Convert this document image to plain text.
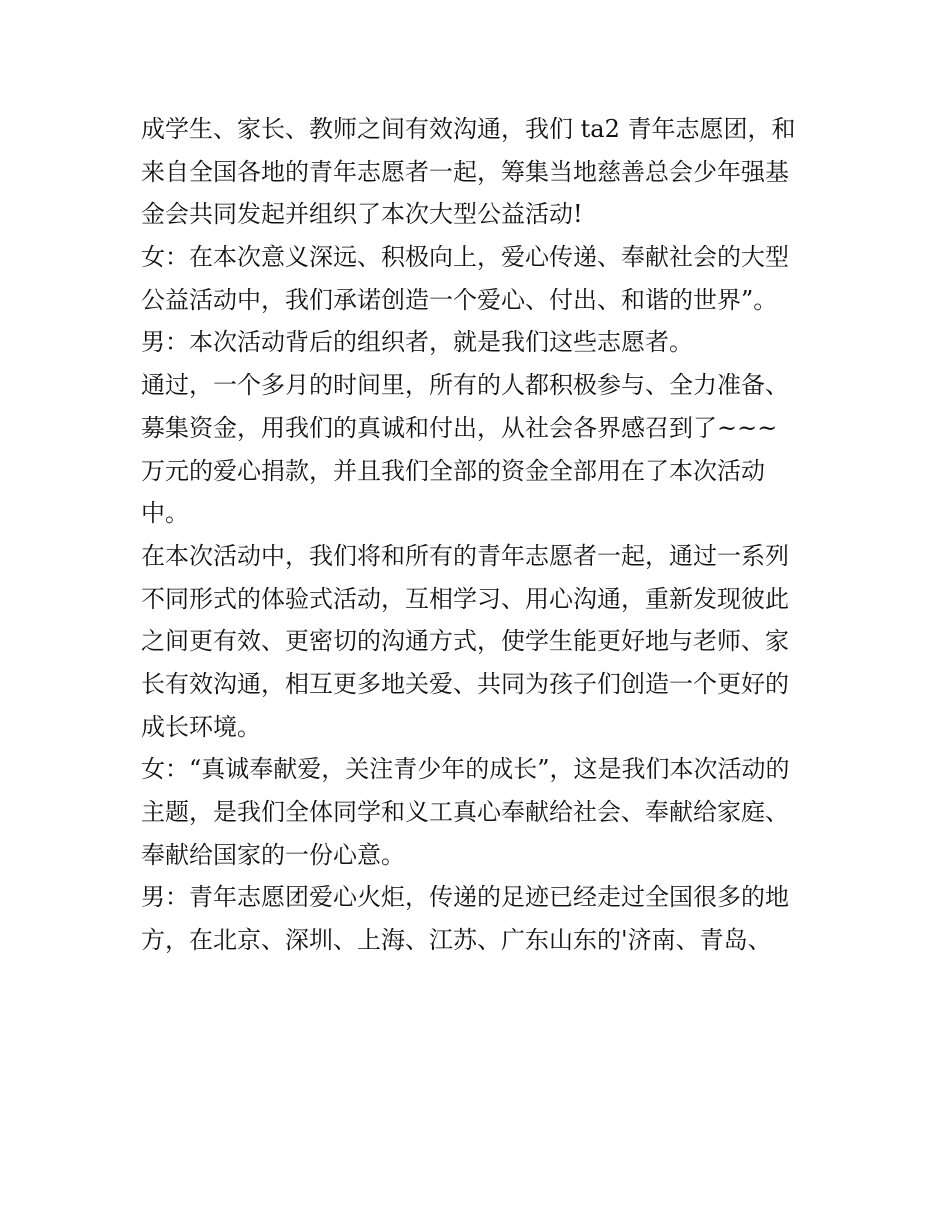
成学生、家长、教师之间有效沟通，我们 ta2 青年志愿团，和
来自全国各地的青年志愿者一起，筹集当地慈善总会少年强基
金会共同发起并组织了本次大型公益活动!
女：在本次意义深远、积极向上，爱心传递、奉献社会的大型
公益活动中，我们承诺创造一个爱心、付出、和谐的世界”。
男：本次活动背后的组织者，就是我们这些志愿者。
通过，一个多月的时间里，所有的人都积极参与、全力准备、
募集资金，用我们的真诚和付出，从社会各界感召到了~~~
万元的爱心捐款，并且我们全部的资金全部用在了本次活动
中。
在本次活动中，我们将和所有的青年志愿者一起，通过一系列
不同形式的体验式活动，互相学习、用心沟通，重新发现彼此
之间更有效、更密切的沟通方式，使学生能更好地与老师、家
长有效沟通，相互更多地关爱、共同为孩子们创造一个更好的
成长环境。
女：“真诚奉献爱，关注青少年的成长”，这是我们本次活动的
主题，是我们全体同学和义工真心奉献给社会、奉献给家庭、
奉献给国家的一份心意。
男：青年志愿团爱心火炬，传递的足迹已经走过全国很多的地
方，在北京、深圳、上海、江苏、广东山东的'济南、青岛、
